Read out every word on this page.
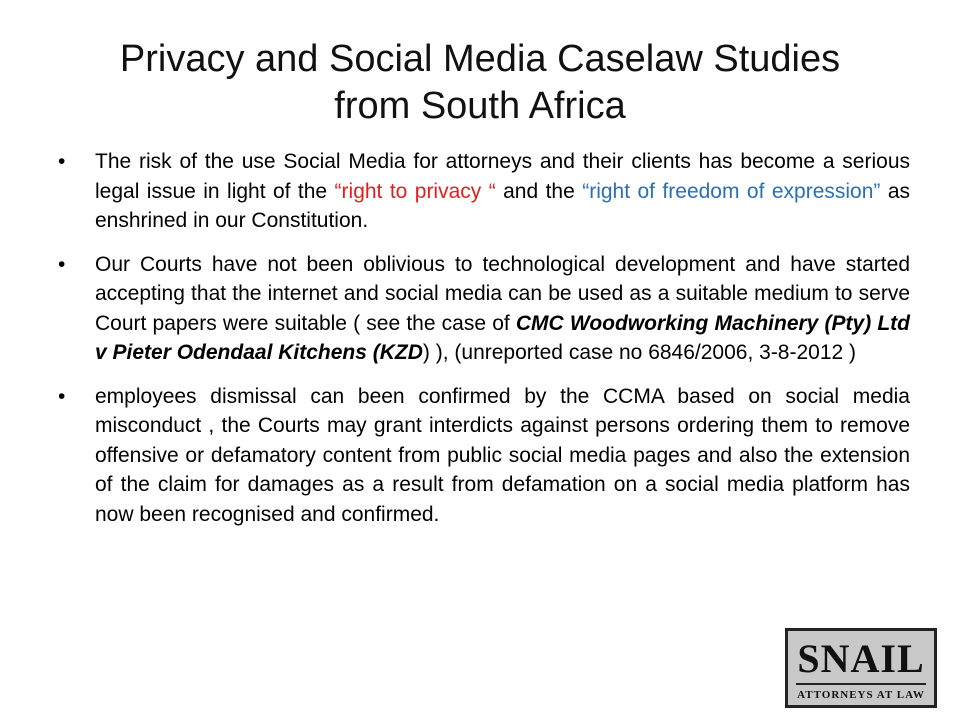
Privacy and Social Media Caselaw Studies
from South Africa
•	The risk of the use Social Media for attorneys and their clients has become a serious legal issue in light of the “right to privacy “ and the “right of freedom of expression” as enshrined in our Constitution.
•	Our Courts have not been oblivious to technological development and have started accepting that the internet and social media can be used as a suitable medium to serve Court papers were suitable ( see the case of CMC Woodworking Machinery (Pty) Ltd v Pieter Odendaal Kitchens (KZD) ), (unreported case no 6846/2006, 3-8-2012 )
•	employees dismissal can been confirmed by the CCMA based on social media misconduct , the Courts may grant interdicts against persons ordering them to remove offensive or defamatory content from public social media pages and also the extension of the claim for damages as a result from defamation on a social media platform has now been recognised and confirmed.
SNAIL
ATTORNEYS AT LAW
